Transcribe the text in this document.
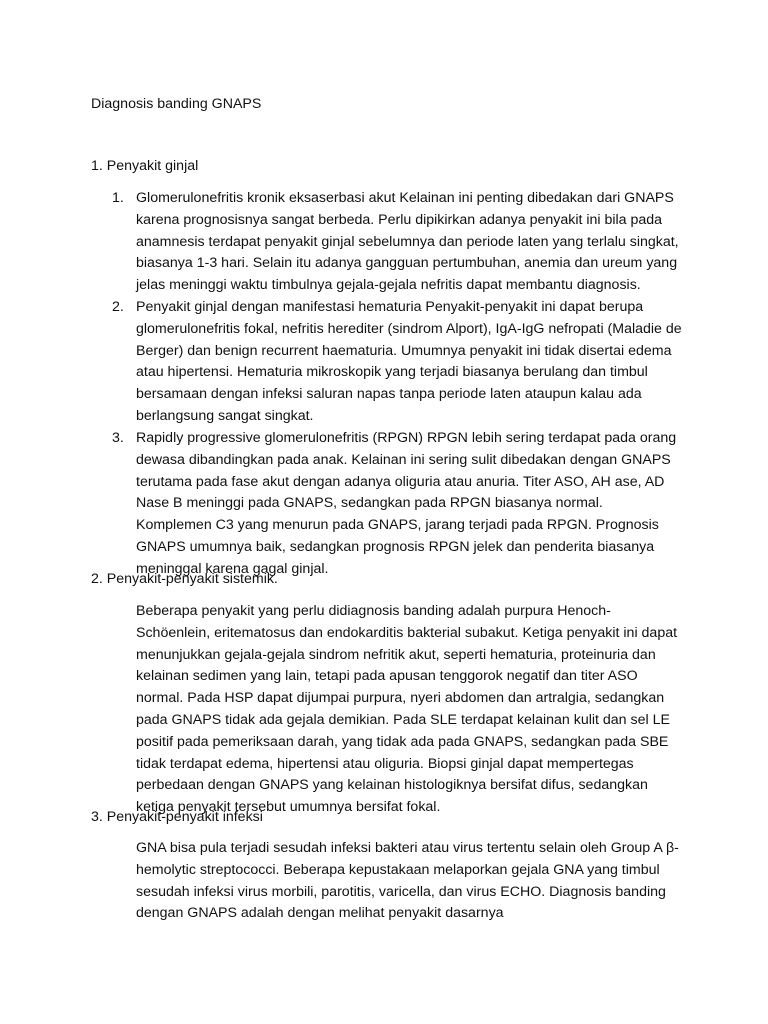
Diagnosis banding GNAPS
1. Penyakit ginjal
1. Glomerulonefritis kronik eksaserbasi akut Kelainan ini penting dibedakan dari GNAPS karena prognosisnya sangat berbeda. Perlu dipikirkan adanya penyakit ini bila pada anamnesis terdapat penyakit ginjal sebelumnya dan periode laten yang terlalu singkat, biasanya 1-3 hari. Selain itu adanya gangguan pertumbuhan, anemia dan ureum yang jelas meninggi waktu timbulnya gejala-gejala nefritis dapat membantu diagnosis.
2. Penyakit ginjal dengan manifestasi hematuria Penyakit-penyakit ini dapat berupa glomerulonefritis fokal, nefritis herediter (sindrom Alport), IgA-IgG nefropati (Maladie de Berger) dan benign recurrent haematuria. Umumnya penyakit ini tidak disertai edema atau hipertensi. Hematuria mikroskopik yang terjadi biasanya berulang dan timbul bersamaan dengan infeksi saluran napas tanpa periode laten ataupun kalau ada berlangsung sangat singkat.
3. Rapidly progressive glomerulonefritis (RPGN) RPGN lebih sering terdapat pada orang dewasa dibandingkan pada anak. Kelainan ini sering sulit dibedakan dengan GNAPS terutama pada fase akut dengan adanya oliguria atau anuria. Titer ASO, AH ase, AD Nase B meninggi pada GNAPS, sedangkan pada RPGN biasanya normal. Komplemen C3 yang menurun pada GNAPS, jarang terjadi pada RPGN. Prognosis GNAPS umumnya baik, sedangkan prognosis RPGN jelek dan penderita biasanya meninggal karena gagal ginjal.
2. Penyakit-penyakit sistemik.
Beberapa penyakit yang perlu didiagnosis banding adalah purpura Henoch-Schöenlein, eritematosus dan endokarditis bakterial subakut. Ketiga penyakit ini dapat menunjukkan gejala-gejala sindrom nefritik akut, seperti hematuria, proteinuria dan kelainan sedimen yang lain, tetapi pada apusan tenggorok negatif dan titer ASO normal. Pada HSP dapat dijumpai purpura, nyeri abdomen dan artralgia, sedangkan pada GNAPS tidak ada gejala demikian. Pada SLE terdapat kelainan kulit dan sel LE positif pada pemeriksaan darah, yang tidak ada pada GNAPS, sedangkan pada SBE tidak terdapat edema, hipertensi atau oliguria. Biopsi ginjal dapat mempertegas perbedaan dengan GNAPS yang kelainan histologiknya bersifat difus, sedangkan ketiga penyakit tersebut umumnya bersifat fokal.
3. Penyakit-penyakit infeksi
GNA bisa pula terjadi sesudah infeksi bakteri atau virus tertentu selain oleh Group A β-hemolytic streptococci. Beberapa kepustakaan melaporkan gejala GNA yang timbul sesudah infeksi virus morbili, parotitis, varicella, dan virus ECHO. Diagnosis banding dengan GNAPS adalah dengan melihat penyakit dasarnya
